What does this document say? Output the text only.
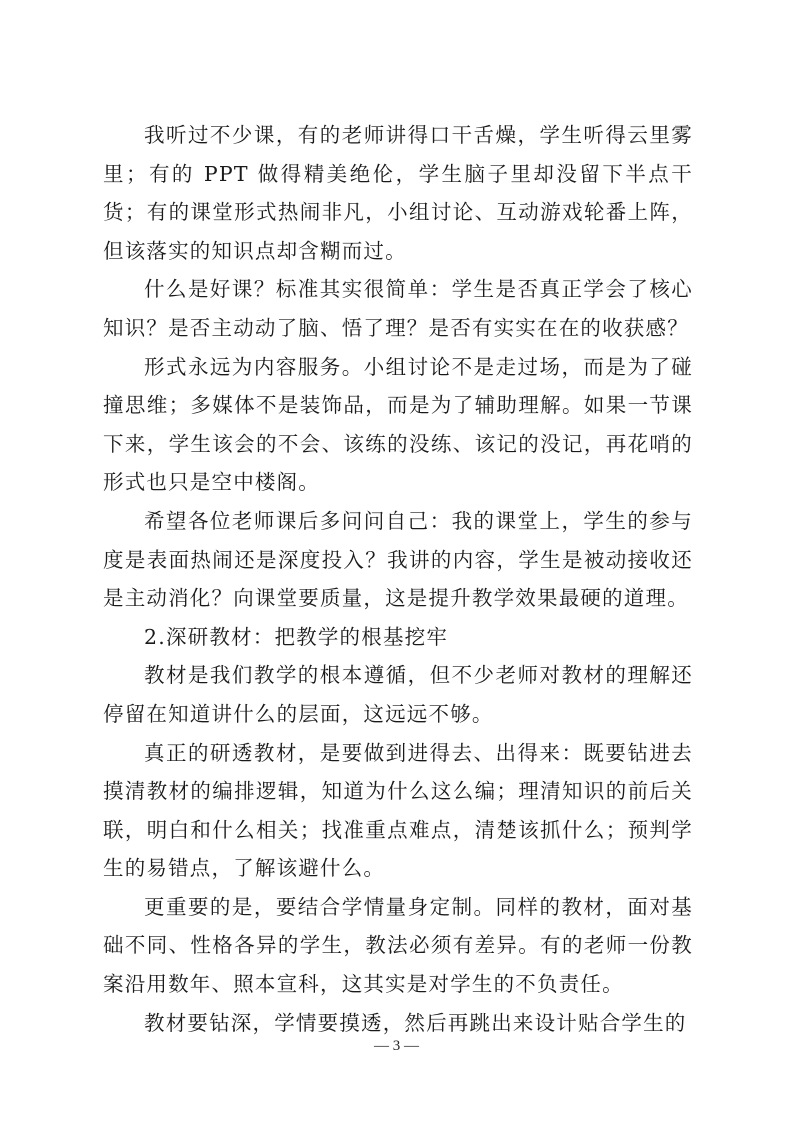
我听过不少课，有的老师讲得口干舌燥，学生听得云里雾里；有的 PPT 做得精美绝伦，学生脑子里却没留下半点干货；有的课堂形式热闹非凡，小组讨论、互动游戏轮番上阵，但该落实的知识点却含糊而过。

什么是好课？标准其实很简单：学生是否真正学会了核心知识？是否主动动了脑、悟了理？是否有实实在在的收获感？

形式永远为内容服务。小组讨论不是走过场，而是为了碰撞思维；多媒体不是装饰品，而是为了辅助理解。如果一节课下来，学生该会的不会、该练的没练、该记的没记，再花哨的形式也只是空中楼阁。

希望各位老师课后多问问自己：我的课堂上，学生的参与度是表面热闹还是深度投入？我讲的内容，学生是被动接收还是主动消化？向课堂要质量，这是提升教学效果最硬的道理。

2.深研教材：把教学的根基挖牢

教材是我们教学的根本遵循，但不少老师对教材的理解还停留在知道讲什么的层面，这远远不够。

真正的研透教材，是要做到进得去、出得来：既要钻进去摸清教材的编排逻辑，知道为什么这么编；理清知识的前后关联，明白和什么相关；找准重点难点，清楚该抓什么；预判学生的易错点，了解该避什么。

更重要的是，要结合学情量身定制。同样的教材，面对基础不同、性格各异的学生，教法必须有差异。有的老师一份教案沿用数年、照本宣科，这其实是对学生的不负责任。

教材要钻深，学情要摸透，然后再跳出来设计贴合学生的

— 3 —
